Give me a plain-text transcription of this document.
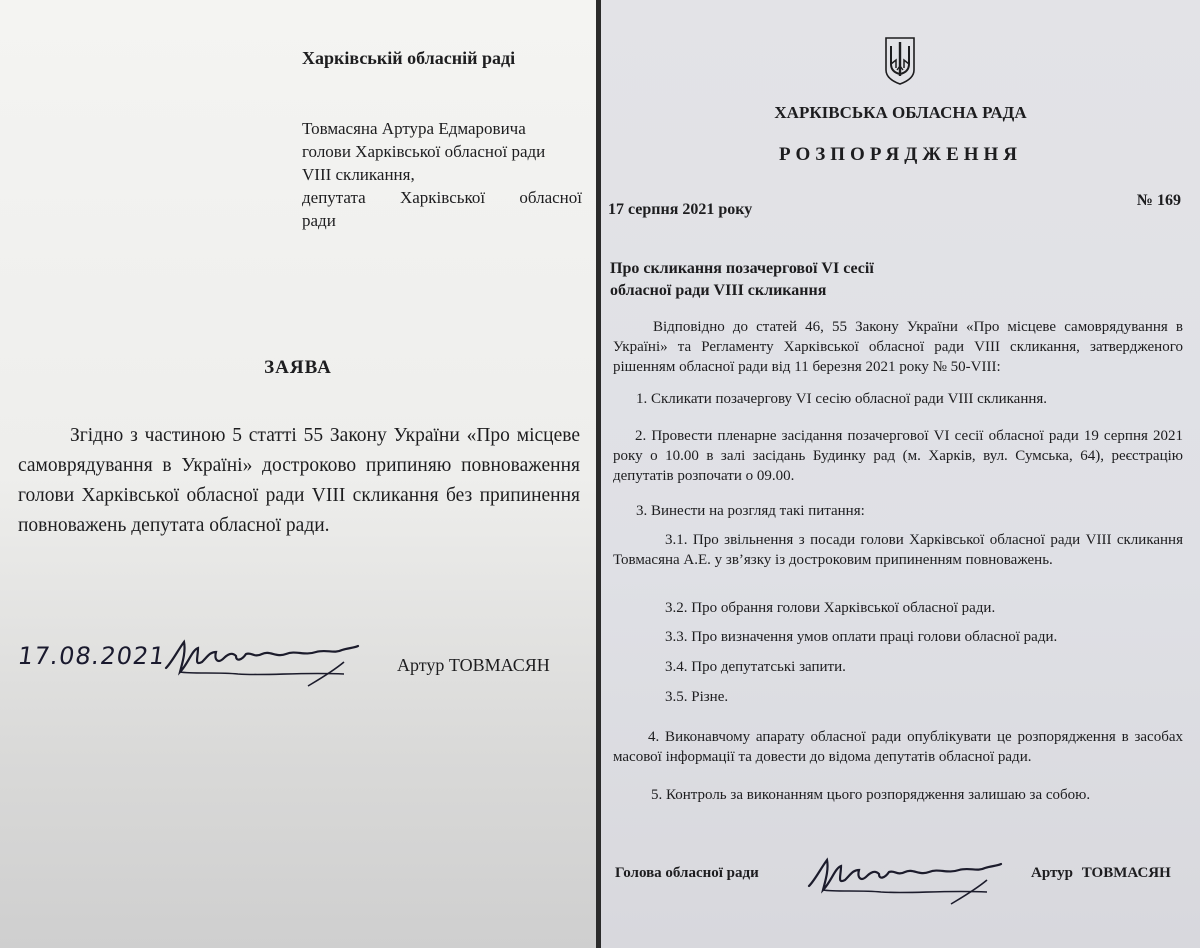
Харківській обласній раді
Товмасяна Артура Едмаровича
голови Харківської обласної ради
VIII скликання,
депутата Харківської обласної
ради
ЗАЯВА
Згідно з частиною 5 статті 55 Закону України «Про місцеве самоврядування в Україні» достроково припиняю повноваження голови Харківської обласної ради VIII скликання без припинення повноважень депутата обласної ради.
17.08.2021	Артур ТОВМАСЯН
ХАРКІВСЬКА ОБЛАСНА РАДА
РОЗПОРЯДЖЕННЯ
17 серпня 2021 року
№ 169
Про скликання позачергової VI сесії
обласної ради VIII скликання
Відповідно до статей 46, 55 Закону України «Про місцеве самоврядування в Україні» та Регламенту Харківської обласної ради VIII скликання, затвердженого рішенням обласної ради від 11 березня 2021 року № 50-VIII:
1. Скликати позачергову VI сесію обласної ради VIII скликання.
2. Провести пленарне засідання позачергової VI сесії обласної ради 19 серпня 2021 року о 10.00 в залі засідань Будинку рад (м. Харків, вул. Сумська, 64), реєстрацію депутатів розпочати о 09.00.
3. Винести на розгляд такі питання:
3.1. Про звільнення з посади голови Харківської обласної ради VIII скликання Товмасяна А.Е. у зв’язку із достроковим припиненням повноважень.
3.2. Про обрання голови Харківської обласної ради.
3.3. Про визначення умов оплати праці голови обласної ради.
3.4. Про депутатські запити.
3.5. Різне.
4. Виконавчому апарату обласної ради опублікувати це розпорядження в засобах масової інформації та довести до відома депутатів обласної ради.
5. Контроль за виконанням цього розпорядження залишаю за собою.
Голова обласної ради	Артур ТОВМАСЯН
